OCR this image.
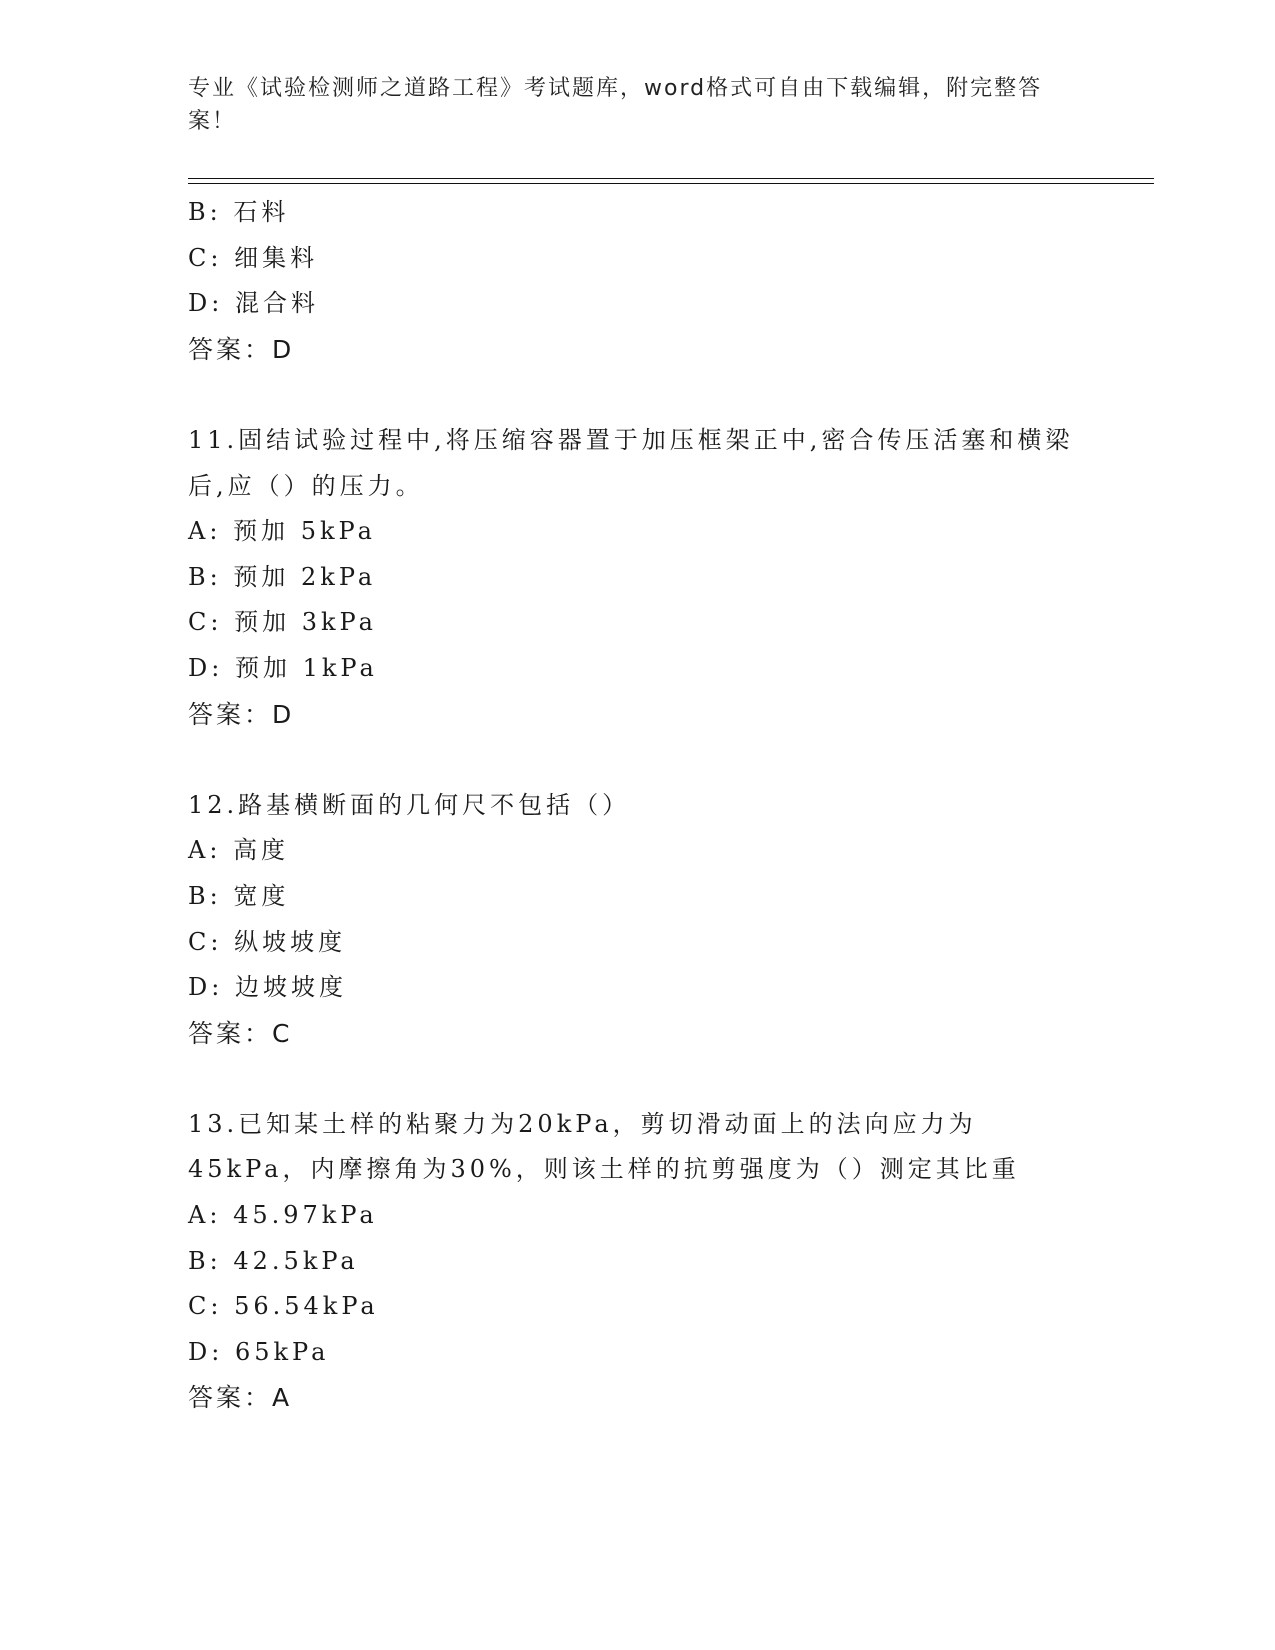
专业《试验检测师之道路工程》考试题库，word格式可自由下载编辑，附完整答案！
B: 石料
C: 细集料
D: 混合料
答案：D
11.固结试验过程中,将压缩容器置于加压框架正中,密合传压活塞和横梁后,应（）的压力。
A: 预加 5kPa
B: 预加 2kPa
C: 预加 3kPa
D: 预加 1kPa
答案：D
12.路基横断面的几何尺不包括（）
A: 高度
B: 宽度
C: 纵坡坡度
D: 边坡坡度
答案：C
13.已知某土样的粘聚力为20kPa，剪切滑动面上的法向应力为45kPa，内摩擦角为30%，则该土样的抗剪强度为（）测定其比重
A: 45.97kPa
B: 42.5kPa
C: 56.54kPa
D: 65kPa
答案：A
